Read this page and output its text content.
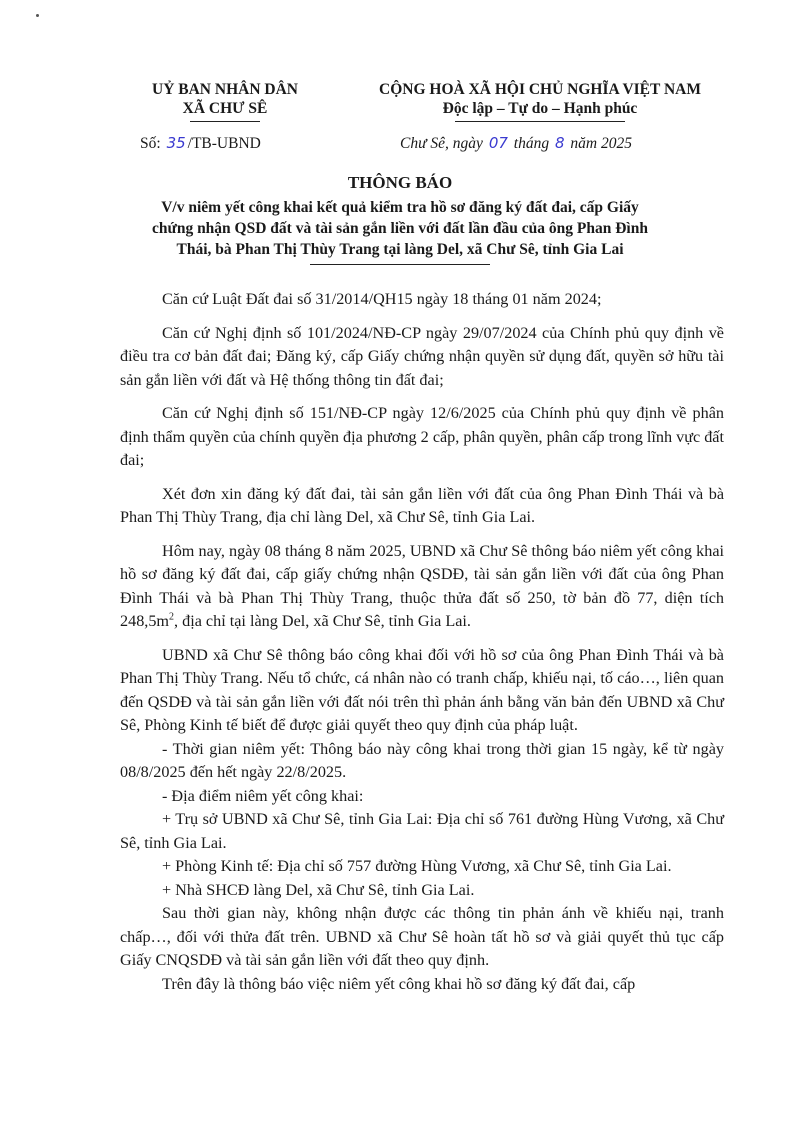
UỶ BAN NHÂN DÂN
XÃ CHƯ SÊ
CỘNG HOÀ XÃ HỘI CHỦ NGHĨA VIỆT NAM
Độc lập – Tự do – Hạnh phúc
Số: 35 /TB-UBND	Chư Sê, ngày 07 tháng 8 năm 2025
THÔNG BÁO
V/v niêm yết công khai kết quả kiểm tra hồ sơ đăng ký đất đai, cấp Giấy chứng nhận QSD đất và tài sản gắn liền với đất lần đầu của ông Phan Đình Thái, bà Phan Thị Thùy Trang tại làng Del, xã Chư Sê, tỉnh Gia Lai

Căn cứ Luật Đất đai số 31/2014/QH15 ngày 18 tháng 01 năm 2024;

Căn cứ Nghị định số 101/2024/NĐ-CP ngày 29/07/2024 của Chính phủ quy định về điều tra cơ bản đất đai; Đăng ký, cấp Giấy chứng nhận quyền sử dụng đất, quyền sở hữu tài sản gắn liền với đất và Hệ thống thông tin đất đai;

Căn cứ Nghị định số 151/NĐ-CP ngày 12/6/2025 của Chính phủ quy định về phân định thẩm quyền của chính quyền địa phương 2 cấp, phân quyền, phân cấp trong lĩnh vực đất đai;

Xét đơn xin đăng ký đất đai, tài sản gắn liền với đất của ông Phan Đình Thái và bà Phan Thị Thùy Trang, địa chỉ làng Del, xã Chư Sê, tỉnh Gia Lai.

Hôm nay, ngày 08 tháng 8 năm 2025, UBND xã Chư Sê thông báo niêm yết công khai hồ sơ đăng ký đất đai, cấp giấy chứng nhận QSDĐ, tài sản gắn liền với đất của ông Phan Đình Thái và bà Phan Thị Thùy Trang, thuộc thửa đất số 250, tờ bản đồ 77, diện tích $248,5m^2$, địa chỉ tại làng Del, xã Chư Sê, tỉnh Gia Lai.

UBND xã Chư Sê thông báo công khai đối với hồ sơ của ông Phan Đình Thái và bà Phan Thị Thùy Trang. Nếu tổ chức, cá nhân nào có tranh chấp, khiếu nại, tố cáo…, liên quan đến QSDĐ và tài sản gắn liền với đất nói trên thì phản ánh bằng văn bản đến UBND xã Chư Sê, Phòng Kinh tế biết để được giải quyết theo quy định của pháp luật.

- Thời gian niêm yết: Thông báo này công khai trong thời gian 15 ngày, kể từ ngày 08/8/2025 đến hết ngày 22/8/2025.

- Địa điểm niêm yết công khai:

+ Trụ sở UBND xã Chư Sê, tỉnh Gia Lai: Địa chỉ số 761 đường Hùng Vương, xã Chư Sê, tỉnh Gia Lai.

+ Phòng Kinh tế: Địa chỉ số 757 đường Hùng Vương, xã Chư Sê, tỉnh Gia Lai.

+ Nhà SHCĐ làng Del, xã Chư Sê, tỉnh Gia Lai.

Sau thời gian này, không nhận được các thông tin phản ánh về khiếu nại, tranh chấp…, đối với thửa đất trên. UBND xã Chư Sê hoàn tất hồ sơ và giải quyết thủ tục cấp Giấy CNQSDĐ và tài sản gắn liền với đất theo quy định.

Trên đây là thông báo việc niêm yết công khai hồ sơ đăng ký đất đai, cấp
